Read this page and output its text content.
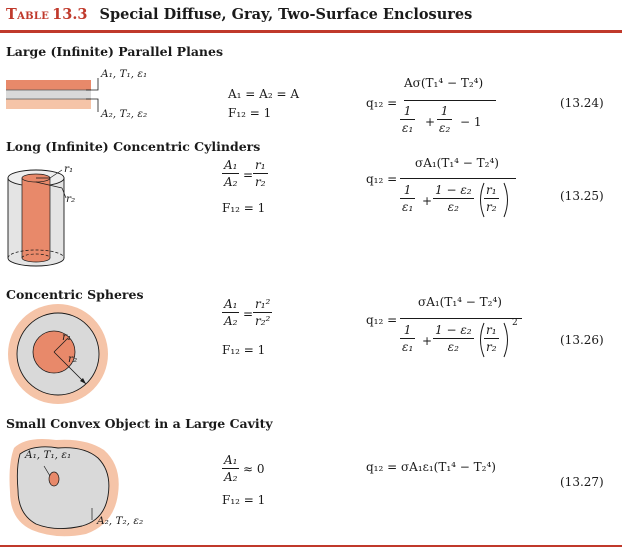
Table 13.3 Special Diffuse, Gray, Two-Surface Enclosures
Large (Infinite) Parallel Planes
A₁, T₁, ε₁
A₂, T₂, ε₂
A₁ = A₂ = A
F₁₂ = 1
q₁₂ =
Aσ(T₁⁴ − T₂⁴)
1
ε₁ +
1
ε₂ − 1
(13.24)
Long (Infinite) Concentric Cylinders
r₁
r₂
A₁
A₂ =
r₁
r₂
F₁₂ = 1
q₁₂ =
σA₁(T₁⁴ − T₂⁴)
1
ε₁ +
1 − ε₂
ε₂
r₁
r₂
(13.25)
Concentric Spheres
r₁
r₂
A₁
A₂ =
r₁²
r₂²
F₁₂ = 1
q₁₂ =
σA₁(T₁⁴ − T₂⁴)
1
ε₁ +
1 − ε₂
ε₂
r₁
r₂
2
(13.26)
Small Convex Object in a Large Cavity
A₁, T₁, ε₁
A₂, T₂, ε₂
A₁
A₂
≈ 0
F₁₂ = 1
q₁₂ = σA₁ε₁(T₁⁴ − T₂⁴)
(13.27)
